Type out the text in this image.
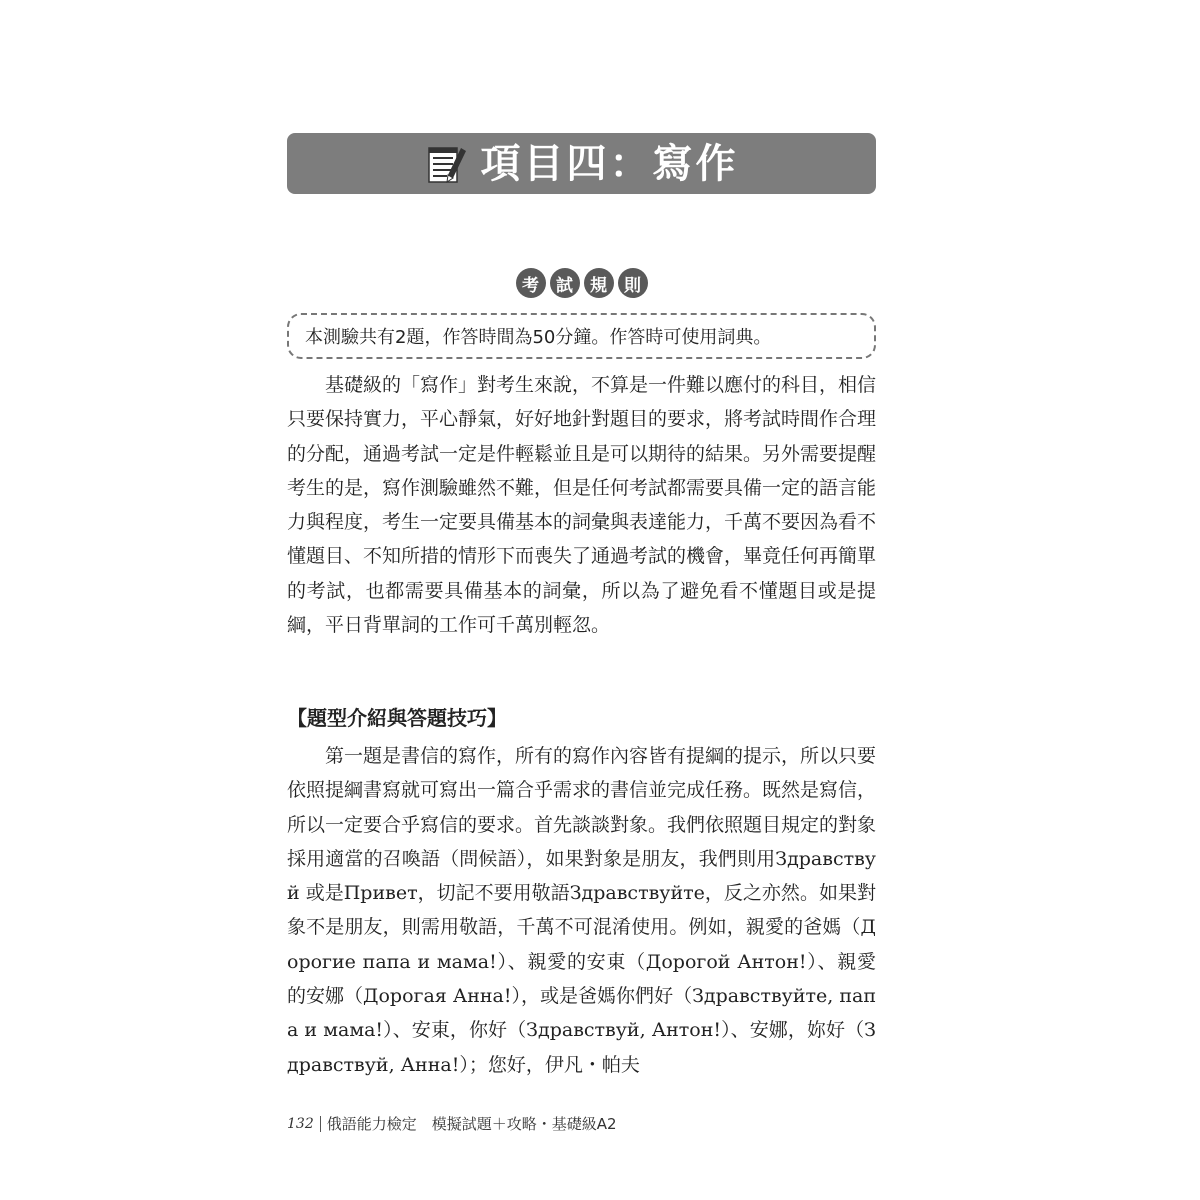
項目四：寫作
考	試	規	則
本測驗共有2題，作答時間為50分鐘。作答時可使用詞典。

基礎級的「寫作」對考生來說，不算是一件難以應付的科目，相信只要保持實力，平心靜氣，好好地針對題目的要求，將考試時間作合理的分配，通過考試一定是件輕鬆並且是可以期待的結果。另外需要提醒考生的是，寫作測驗雖然不難，但是任何考試都需要具備一定的語言能力與程度，考生一定要具備基本的詞彙與表達能力，千萬不要因為看不懂題目、不知所措的情形下而喪失了通過考試的機會，畢竟任何再簡單的考試，也都需要具備基本的詞彙，所以為了避免看不懂題目或是提綱，平日背單詞的工作可千萬別輕忽。

【題型介紹與答題技巧】

第一題是書信的寫作，所有的寫作內容皆有提綱的提示，所以只要依照提綱書寫就可寫出一篇合乎需求的書信並完成任務。既然是寫信，所以一定要合乎寫信的要求。首先談談對象。我們依照題目規定的對象採用適當的召喚語（問候語），如果對象是朋友，我們則用Здравствуй 或是Привет，切記不要用敬語Здравствуйте，反之亦然。如果對象不是朋友，則需用敬語，千萬不可混淆使用。例如，親愛的爸媽（Дорогие папа и мама!）、親愛的安東（Дорогой Антон!）、親愛的安娜（Дорогая Анна!），或是爸媽你們好（Здравствуйте, папа и мама!）、安東，你好（Здравствуй, Антон!）、安娜，妳好（Здравствуй, Анна!）；您好，伊凡・帕夫

132 俄語能力檢定　模擬試題＋攻略・基礎級A2
